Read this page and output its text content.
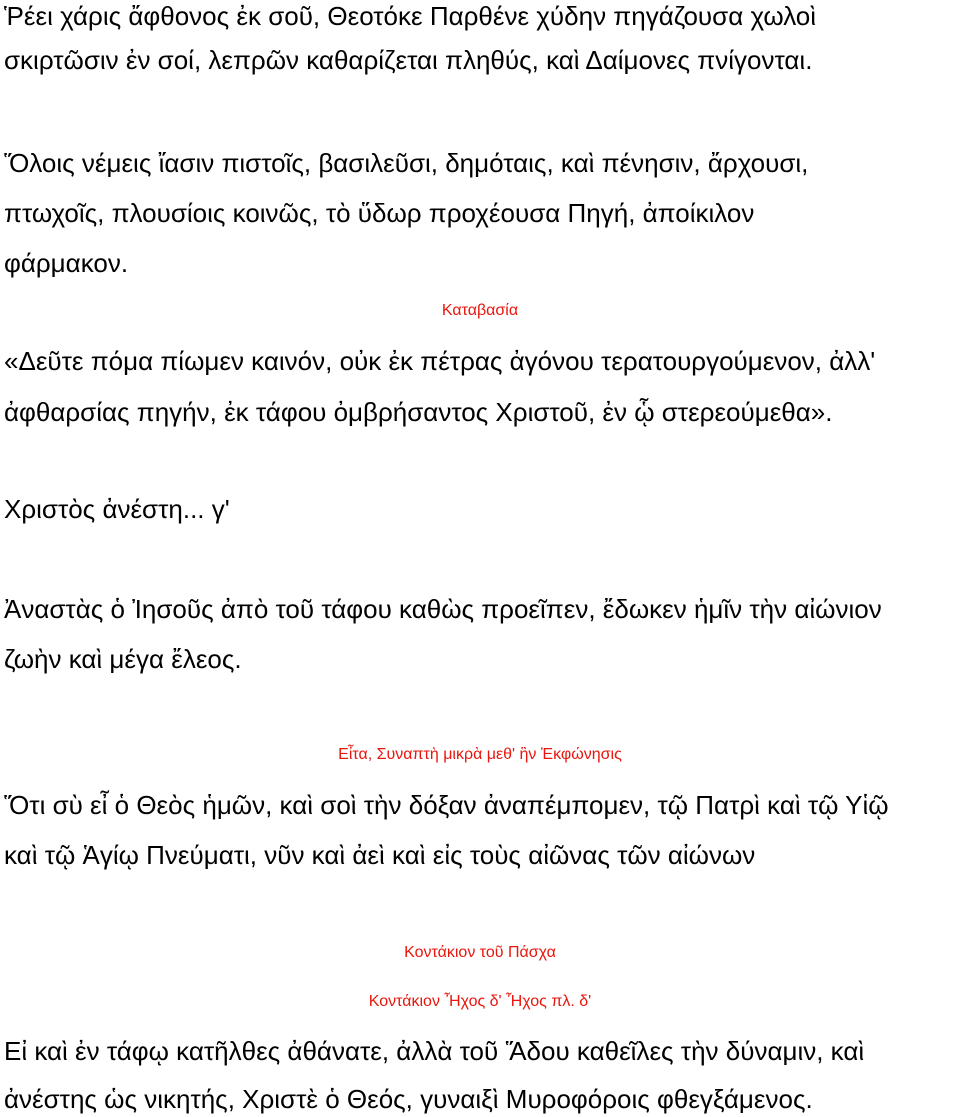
Ῥέει χάρις ἄφθονος ἐκ σοῦ, Θεοτόκε Παρθένε χύδην πηγάζουσα χωλοὶ

σκιρτῶσιν ἐν σοί, λεπρῶν καθαρίζεται πληθύς, καὶ Δαίμονες πνίγονται.

Ὅλοις νέμεις ἴασιν πιστοῖς, βασιλεῦσι, δημόταις, καὶ πένησιν, ἄρχουσι,

πτωχοῖς, πλουσίοις κοινῶς, τὸ ὕδωρ προχέουσα Πηγή, ἀποίκιλον

φάρμακον.

Καταβασία

«Δεῦτε πόμα πίωμεν καινόν, οὐκ ἐκ πέτρας ἀγόνου τερατουργούμενον, ἀλλ'

ἀφθαρσίας πηγήν, ἐκ τάφου ὀμβρήσαντος Χριστοῦ, ἐν ᾧ στερεούμεθα».

Χριστὸς ἀνέστη... γ'

Ἀναστὰς ὁ Ἰησοῦς ἀπὸ τοῦ τάφου καθὼς προεῖπεν, ἔδωκεν ἡμῖν τὴν αἰώνιον

ζωὴν καὶ μέγα ἔλεος.

Εἶτα, Συναπτὴ μικρὰ μεθ' ἣν Ἐκφώνησις

Ὅτι σὺ εἶ ὁ Θεὸς ἡμῶν, καὶ σοὶ τὴν δόξαν ἀναπέμπομεν, τῷ Πατρὶ καὶ τῷ Υἱῷ

καὶ τῷ Ἁγίῳ Πνεύματι, νῦν καὶ ἀεὶ καὶ εἰς τοὺς αἰῶνας τῶν αἰώνων

Κοντάκιον τοῦ Πάσχα

Κοντάκιον Ἦχος δ' Ἦχος πλ. δ'

Εἰ καὶ ἐν τάφῳ κατῆλθες ἀθάνατε, ἀλλὰ τοῦ Ἅδου καθεῖλες τὴν δύναμιν, καὶ

ἀνέστης ὡς νικητής, Χριστὲ ὁ Θεός, γυναιξὶ Μυροφόροις φθεγξάμενος.
